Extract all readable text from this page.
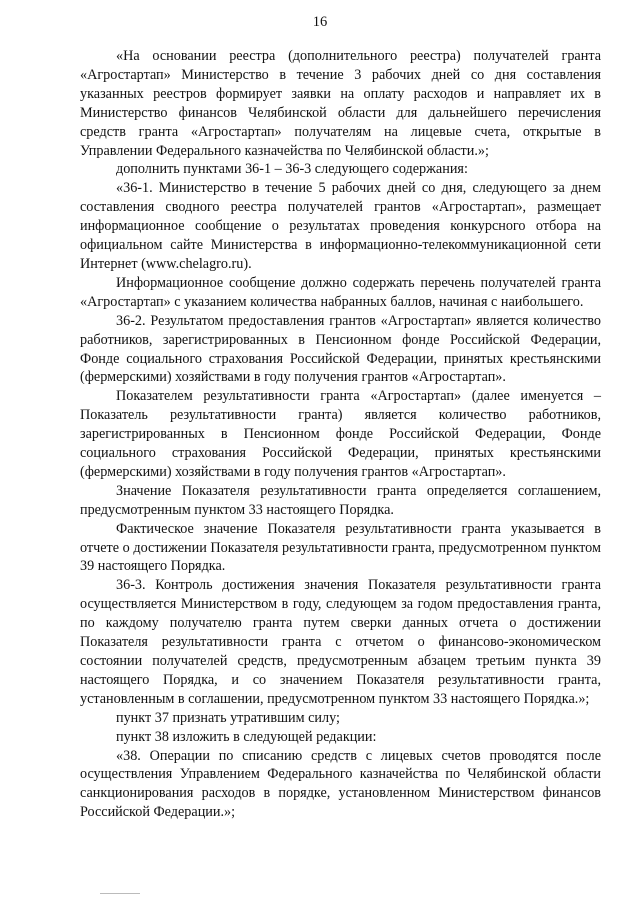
16

«На основании реестра (дополнительного реестра) получателей гранта «Агростартап» Министерство в течение 3 рабочих дней со дня составления указанных реестров формирует заявки на оплату расходов и направляет их в Министерство финансов Челябинской области для дальнейшего перечисления средств гранта «Агростартап» получателям на лицевые счета, открытые в Управлении Федерального казначейства по Челябинской области.»;

дополнить пунктами 36-1 – 36-3 следующего содержания:

«36-1. Министерство в течение 5 рабочих дней со дня, следующего за днем составления сводного реестра получателей грантов «Агростартап», размещает информационное сообщение о результатах проведения конкурсного отбора на официальном сайте Министерства в информационно-телекоммуникационной сети Интернет (www.chelagro.ru).

Информационное сообщение должно содержать перечень получателей гранта «Агростартап» с указанием количества набранных баллов, начиная с наибольшего.

36-2. Результатом предоставления грантов «Агростартап» является количество работников, зарегистрированных в Пенсионном фонде Российской Федерации, Фонде социального страхования Российской Федерации, принятых крестьянскими (фермерскими) хозяйствами в году получения грантов «Агростартап».

Показателем результативности гранта «Агростартап» (далее именуется – Показатель результативности гранта) является количество работников, зарегистрированных в Пенсионном фонде Российской Федерации, Фонде социального страхования Российской Федерации, принятых крестьянскими (фермерскими) хозяйствами в году получения грантов «Агростартап».

Значение Показателя результативности гранта определяется соглашением, предусмотренным пунктом 33 настоящего Порядка.

Фактическое значение Показателя результативности гранта указывается в отчете о достижении Показателя результативности гранта, предусмотренном пунктом 39 настоящего Порядка.

36-3. Контроль достижения значения Показателя результативности гранта осуществляется Министерством в году, следующем за годом предоставления гранта, по каждому получателю гранта путем сверки данных отчета о достижении Показателя результативности гранта с отчетом о финансово-экономическом состоянии получателей средств, предусмотренным абзацем третьим пункта 39 настоящего Порядка, и со значением Показателя результативности гранта, установленным в соглашении, предусмотренном пунктом 33 настоящего Порядка.»;

пункт 37 признать утратившим силу;

пункт 38 изложить в следующей редакции:

«38. Операции по списанию средств с лицевых счетов проводятся после осуществления Управлением Федерального казначейства по Челябинской области санкционирования расходов в порядке, установленном Министерством финансов Российской Федерации.»;
